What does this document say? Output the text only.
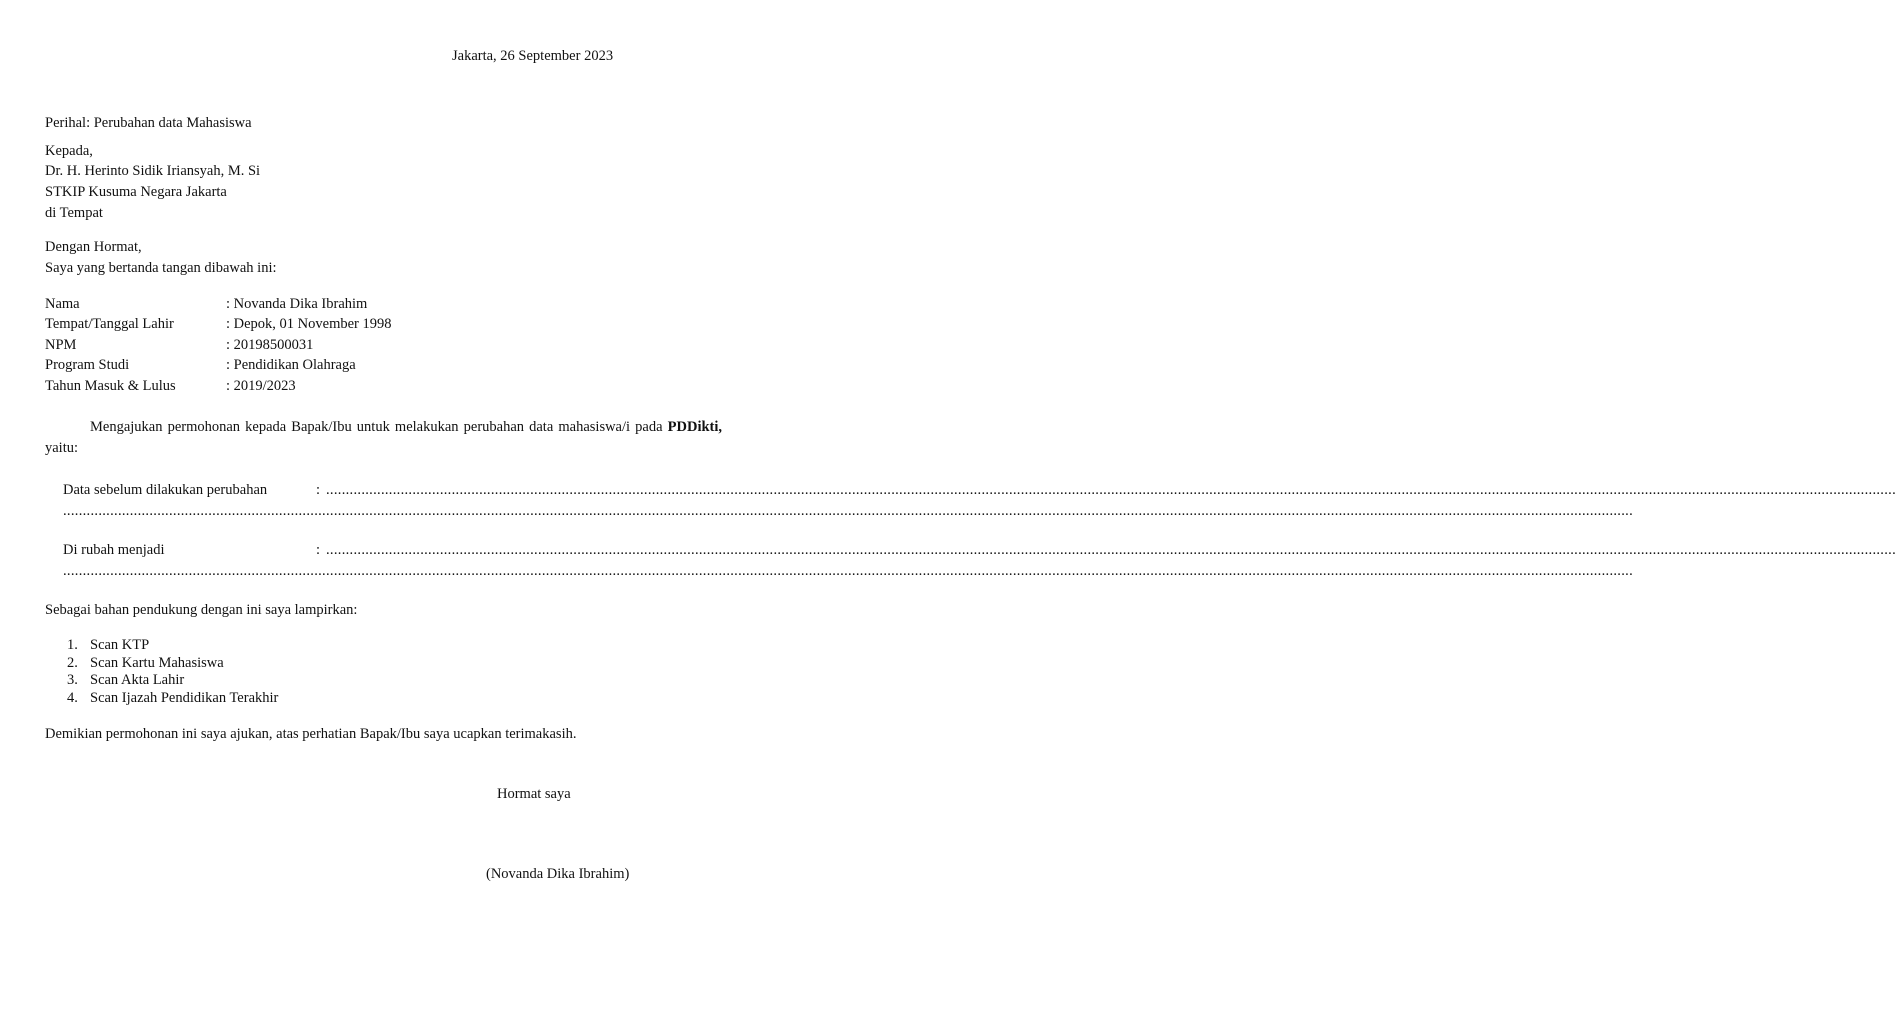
Jakarta, 26 September 2023
Perihal: Perubahan data Mahasiswa
Kepada,
Dr. H. Herinto Sidik Iriansyah, M. Si
STKIP Kusuma Negara Jakarta
di Tempat
Dengan Hormat,
Saya yang bertanda tangan dibawah ini:
Nama	: Novanda Dika Ibrahim
Tempat/Tanggal Lahir	: Depok, 01 November 1998
NPM	: 20198500031
Program Studi	: Pendidikan Olahraga
Tahun Masuk & Lulus	: 2019/2023
Mengajukan permohonan kepada Bapak/Ibu untuk melakukan perubahan data mahasiswa/i pada PDDikti, yaitu:
Data sebelum dilakukan perubahan	: ................................................................................................................................................................................................................................................................................................................................................................................................................
................................................................................................................................................................................................................................................................................................................................................................................................................
Di rubah menjadi	: ................................................................................................................................................................................................................................................................................................................................................................................................................
................................................................................................................................................................................................................................................................................................................................................................................................................
Sebagai bahan pendukung dengan ini saya lampirkan:
1. Scan KTP
2. Scan Kartu Mahasiswa
3. Scan Akta Lahir
4. Scan Ijazah Pendidikan Terakhir
Demikian permohonan ini saya ajukan, atas perhatian Bapak/Ibu saya ucapkan terimakasih.
Hormat saya
(Novanda Dika Ibrahim)
